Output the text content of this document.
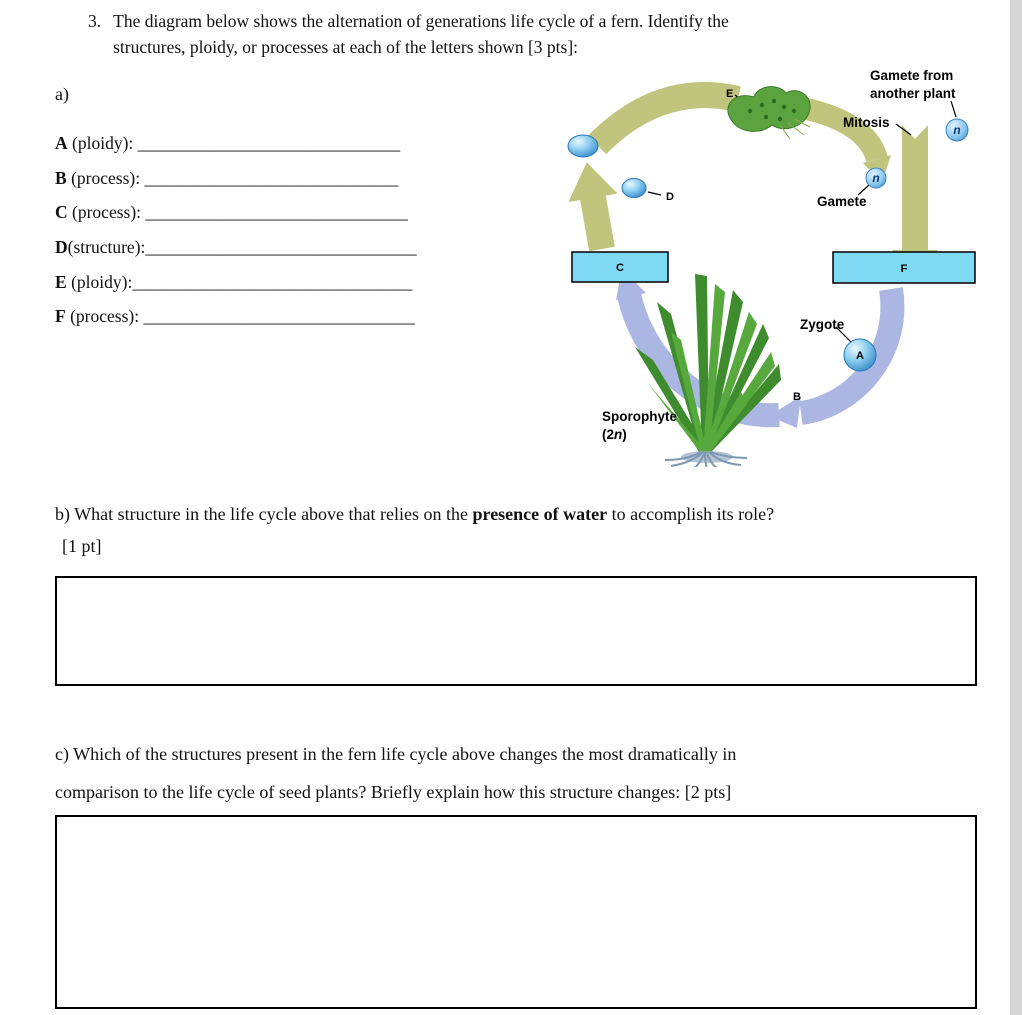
3. The diagram below shows the alternation of generations life cycle of a fern. Identify the
structures, ploidy, or processes at each of the letters shown [3 pts]:
a)
A (ploidy): ______________________________
B (process): _____________________________
C (process): ______________________________
D(structure):_______________________________
E (ploidy):________________________________
F (process): _______________________________
Gamete from
another plant
Mitosis
E
n
n
Gamete
D
C	F
Zygote
A
B
Sporophyte
(2n)
b) What structure in the life cycle above that relies on the presence of water to accomplish its role?
[1 pt]
c) Which of the structures present in the fern life cycle above changes the most dramatically in
comparison to the life cycle of seed plants? Briefly explain how this structure changes: [2 pts]
